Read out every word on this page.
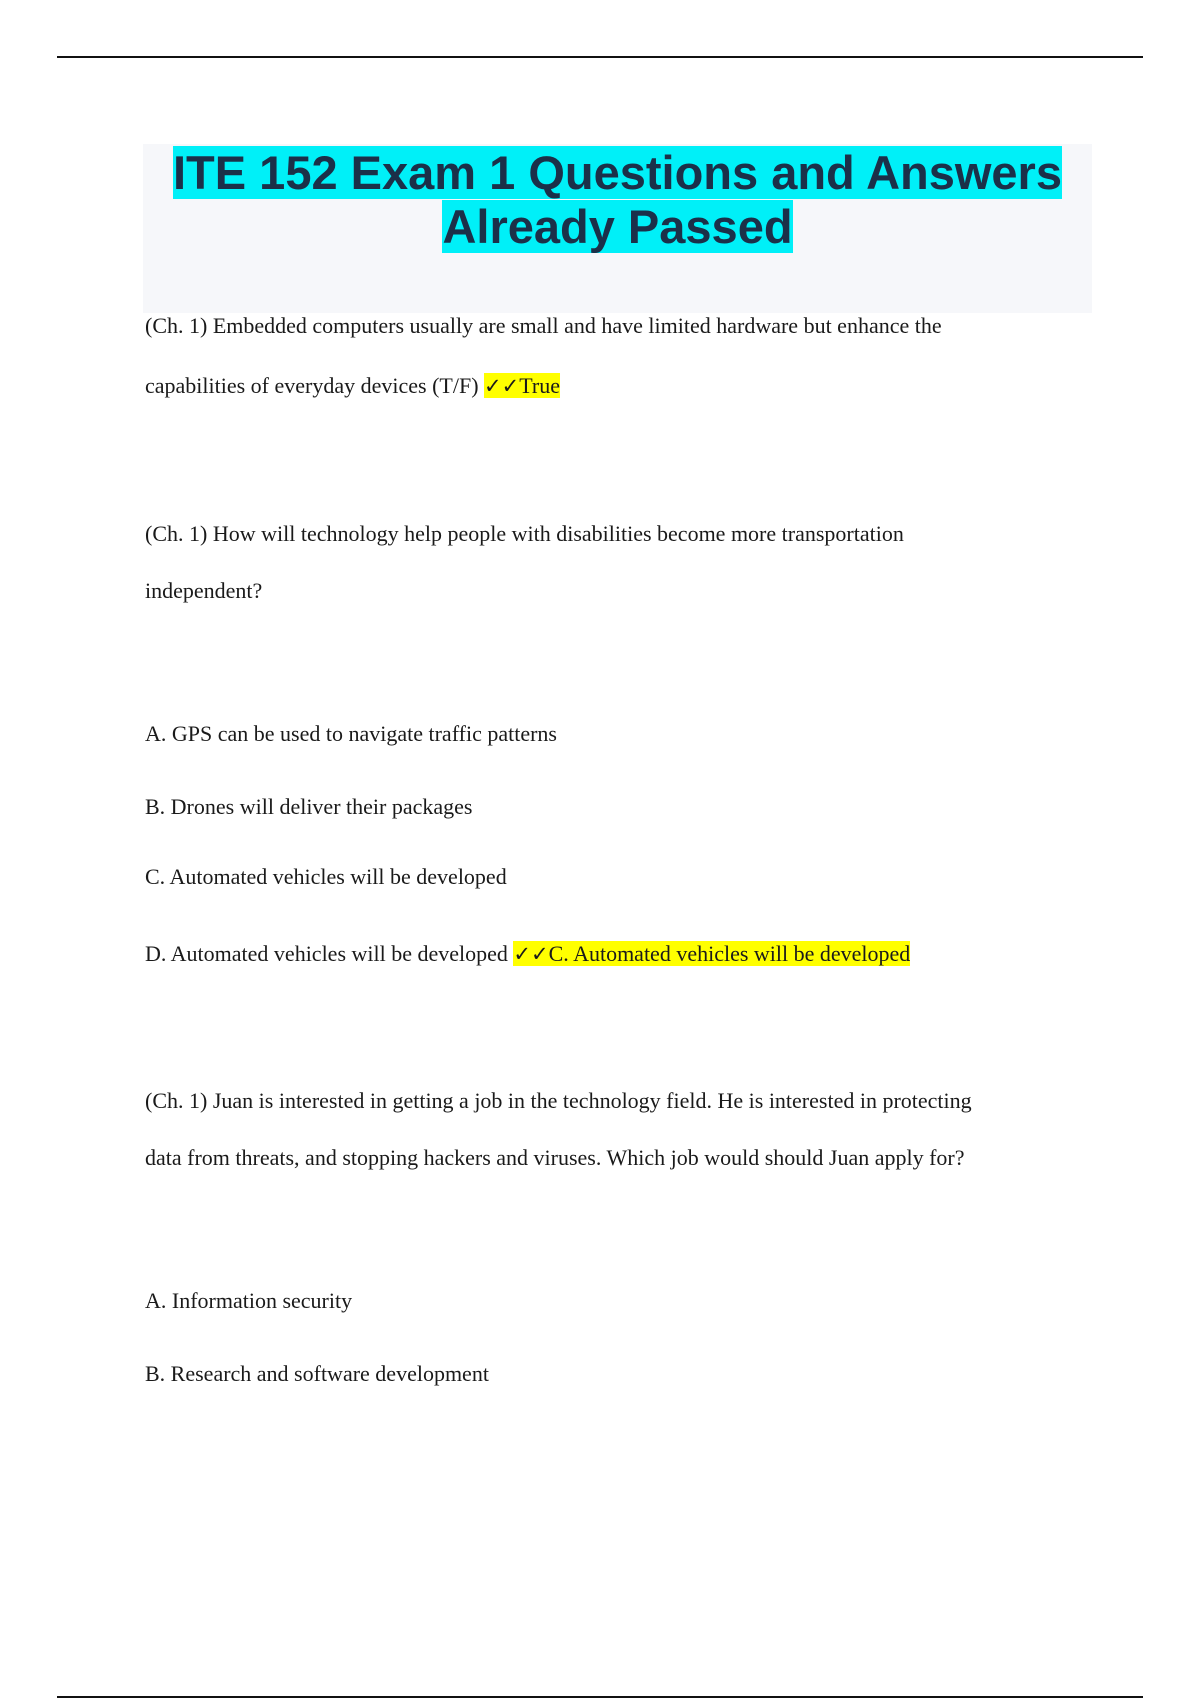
ITE 152 Exam 1 Questions and Answers
Already Passed

(Ch. 1) Embedded computers usually are small and have limited hardware but enhance the

capabilities of everyday devices (T/F) ✓✓True

(Ch. 1) How will technology help people with disabilities become more transportation

independent?

A. GPS can be used to navigate traffic patterns

B. Drones will deliver their packages

C. Automated vehicles will be developed

D. Automated vehicles will be developed ✓✓C. Automated vehicles will be developed

(Ch. 1) Juan is interested in getting a job in the technology field. He is interested in protecting

data from threats, and stopping hackers and viruses. Which job would should Juan apply for?

A. Information security

B. Research and software development
